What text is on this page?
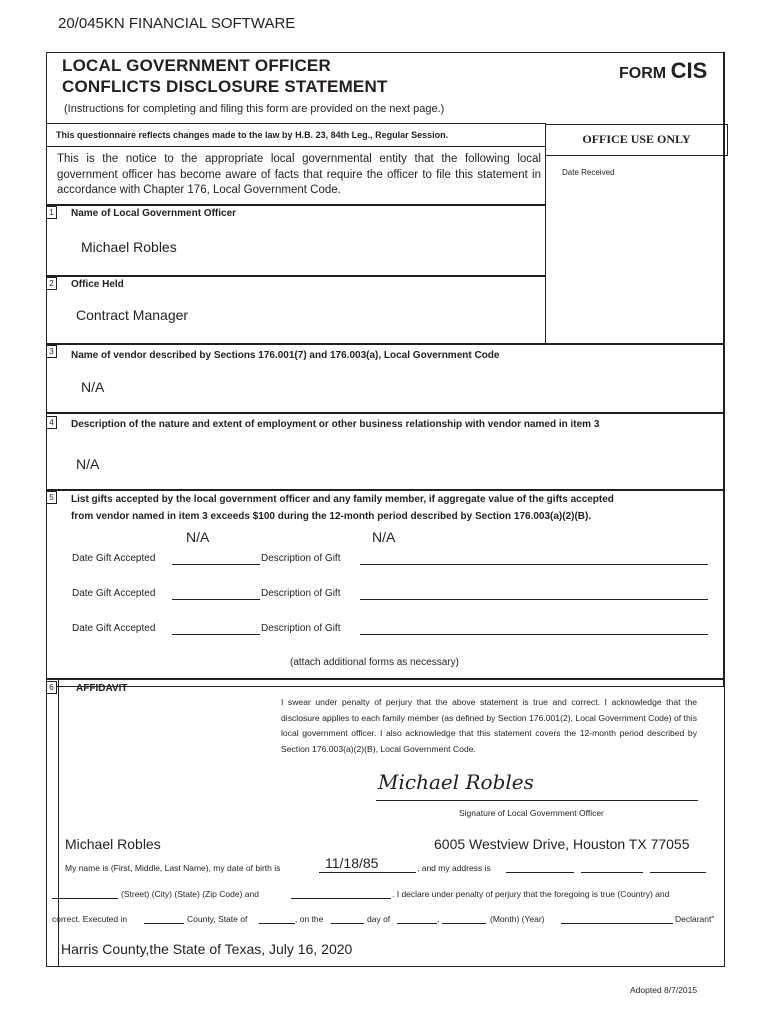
20/045KN FINANCIAL SOFTWARE
LOCAL GOVERNMENT OFFICER
CONFLICTS DISCLOSURE STATEMENT
FORM CIS
(Instructions for completing and filing this form are provided on the next page.)
This questionnaire reflects changes made to the law by H.B. 23, 84th Leg., Regular Session.	OFFICE USE ONLY
This is the notice to the appropriate local governmental entity that the following local government officer has become aware of facts that require the officer to file this statement in accordance with Chapter 176, Local Government Code.
Date Received
1	Name of Local Government Officer
Michael Robles
2	Office Held
Contract Manager
3	Name of vendor described by Sections 176.001(7) and 176.003(a), Local Government Code
N/A
4	Description of the nature and extent of employment or other business relationship with vendor named in item 3
N/A
5	List gifts accepted by the local government officer and any family member, if aggregate value of the gifts accepted
from vendor named in item 3 exceeds $100 during the 12-month period described by Section 176.003(a)(2)(B).
N/A	N/A
Date Gift Accepted	Description of Gift
Date Gift Accepted	Description of Gift
Date Gift Accepted	Description of Gift
(attach additional forms as necessary)
6	AFFIDAVIT
I swear under penalty of perjury that the above statement is true and correct. I acknowledge that the disclosure applies to each family member (as defined by Section 176.001(2), Local Government Code) of this local government officer. I also acknowledge that this statement covers the 12-month period described by Section 176.003(a)(2)(B), Local Government Code.
Michael Robles
Signature of Local Government Officer
Michael Robles	6005 Westview Drive, Houston TX 77055
My name is (First, Middle, Last Name), my date of birth is	11/18/85	, and my address is
(Street) (City) (State) (Zip Code) and	. I declare under penalty of perjury that the foregoing is true (Country) and
correct. Executed in	County, State of	, on the	day of	,	(Month) (Year)	Declarant"
Harris County,the State of Texas, July 16, 2020
Adopted 8/7/2015
